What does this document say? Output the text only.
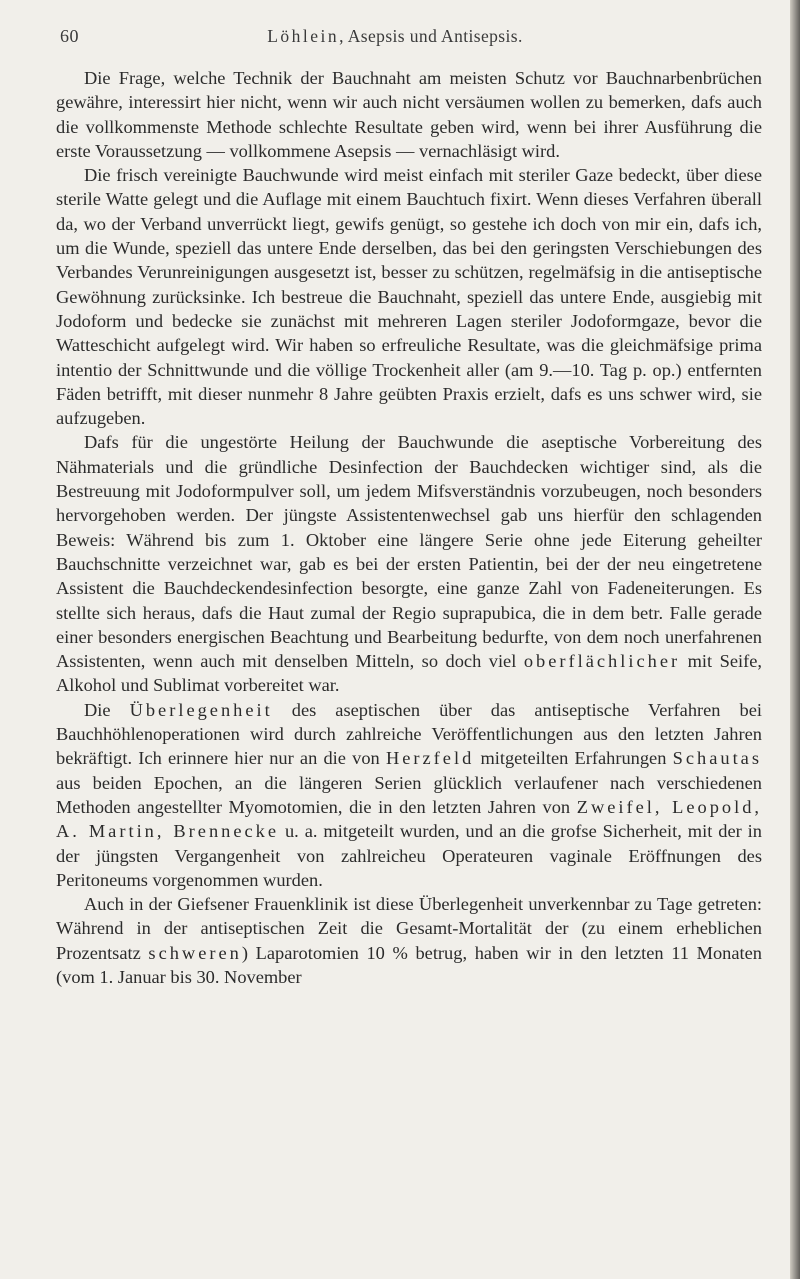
60	Löhlein, Asepsis und Antisepsis.

Die Frage, welche Technik der Bauchnaht am meisten Schutz vor Bauchnarbenbrüchen gewähre, interessirt hier nicht, wenn wir auch nicht versäumen wollen zu bemerken, dafs auch die vollkommenste Methode schlechte Resultate geben wird, wenn bei ihrer Ausführung die erste Voraussetzung — vollkommene Asepsis — vernachläsigt wird.

Die frisch vereinigte Bauchwunde wird meist einfach mit steriler Gaze bedeckt, über diese sterile Watte gelegt und die Auflage mit einem Bauchtuch fixirt. Wenn dieses Verfahren überall da, wo der Verband unverrückt liegt, gewifs genügt, so gestehe ich doch von mir ein, dafs ich, um die Wunde, speziell das untere Ende derselben, das bei den geringsten Verschiebungen des Verbandes Verunreinigungen ausgesetzt ist, besser zu schützen, regelmäfsig in die antiseptische Gewöhnung zurücksinke. Ich bestreue die Bauchnaht, speziell das untere Ende, ausgiebig mit Jodoform und bedecke sie zunächst mit mehreren Lagen steriler Jodoformgaze, bevor die Watteschicht aufgelegt wird. Wir haben so erfreuliche Resultate, was die gleichmäfsige prima intentio der Schnittwunde und die völlige Trockenheit aller (am 9.—10. Tag p. op.) entfernten Fäden betrifft, mit dieser nunmehr 8 Jahre geübten Praxis erzielt, dafs es uns schwer wird, sie aufzugeben.

Dafs für die ungestörte Heilung der Bauchwunde die aseptische Vorbereitung des Nähmaterials und die gründliche Desinfection der Bauchdecken wichtiger sind, als die Bestreuung mit Jodoformpulver soll, um jedem Mifsverständnis vorzubeugen, noch besonders hervorgehoben werden. Der jüngste Assistentenwechsel gab uns hierfür den schlagenden Beweis: Während bis zum 1. Oktober eine längere Serie ohne jede Eiterung geheilter Bauchschnitte verzeichnet war, gab es bei der ersten Patientin, bei der der neu eingetretene Assistent die Bauchdeckendesinfection besorgte, eine ganze Zahl von Fadeneiterungen. Es stellte sich heraus, dafs die Haut zumal der Regio suprapubica, die in dem betr. Falle gerade einer besonders energischen Beachtung und Bearbeitung bedurfte, von dem noch unerfahrenen Assistenten, wenn auch mit denselben Mitteln, so doch viel oberflächlicher mit Seife, Alkohol und Sublimat vorbereitet war.

Die Überlegenheit des aseptischen über das antiseptische Verfahren bei Bauchhöhlenoperationen wird durch zahlreiche Veröffentlichungen aus den letzten Jahren bekräftigt. Ich erinnere hier nur an die von Herzfeld mitgeteilten Erfahrungen Schautas aus beiden Epochen, an die längeren Serien glücklich verlaufener nach verschiedenen Methoden angestellter Myomotomien, die in den letzten Jahren von Zweifel, Leopold, A. Martin, Brennecke u. a. mitgeteilt wurden, und an die grofse Sicherheit, mit der in der jüngsten Vergangenheit von zahlreicheu Operateuren vaginale Eröffnungen des Peritoneums vorgenommen wurden.

Auch in der Giefsener Frauenklinik ist diese Überlegenheit unverkennbar zu Tage getreten: Während in der antiseptischen Zeit die Gesamt-Mortalität der (zu einem erheblichen Prozentsatz schweren) Laparotomien 10 % betrug, haben wir in den letzten 11 Monaten (vom 1. Januar bis 30. November
